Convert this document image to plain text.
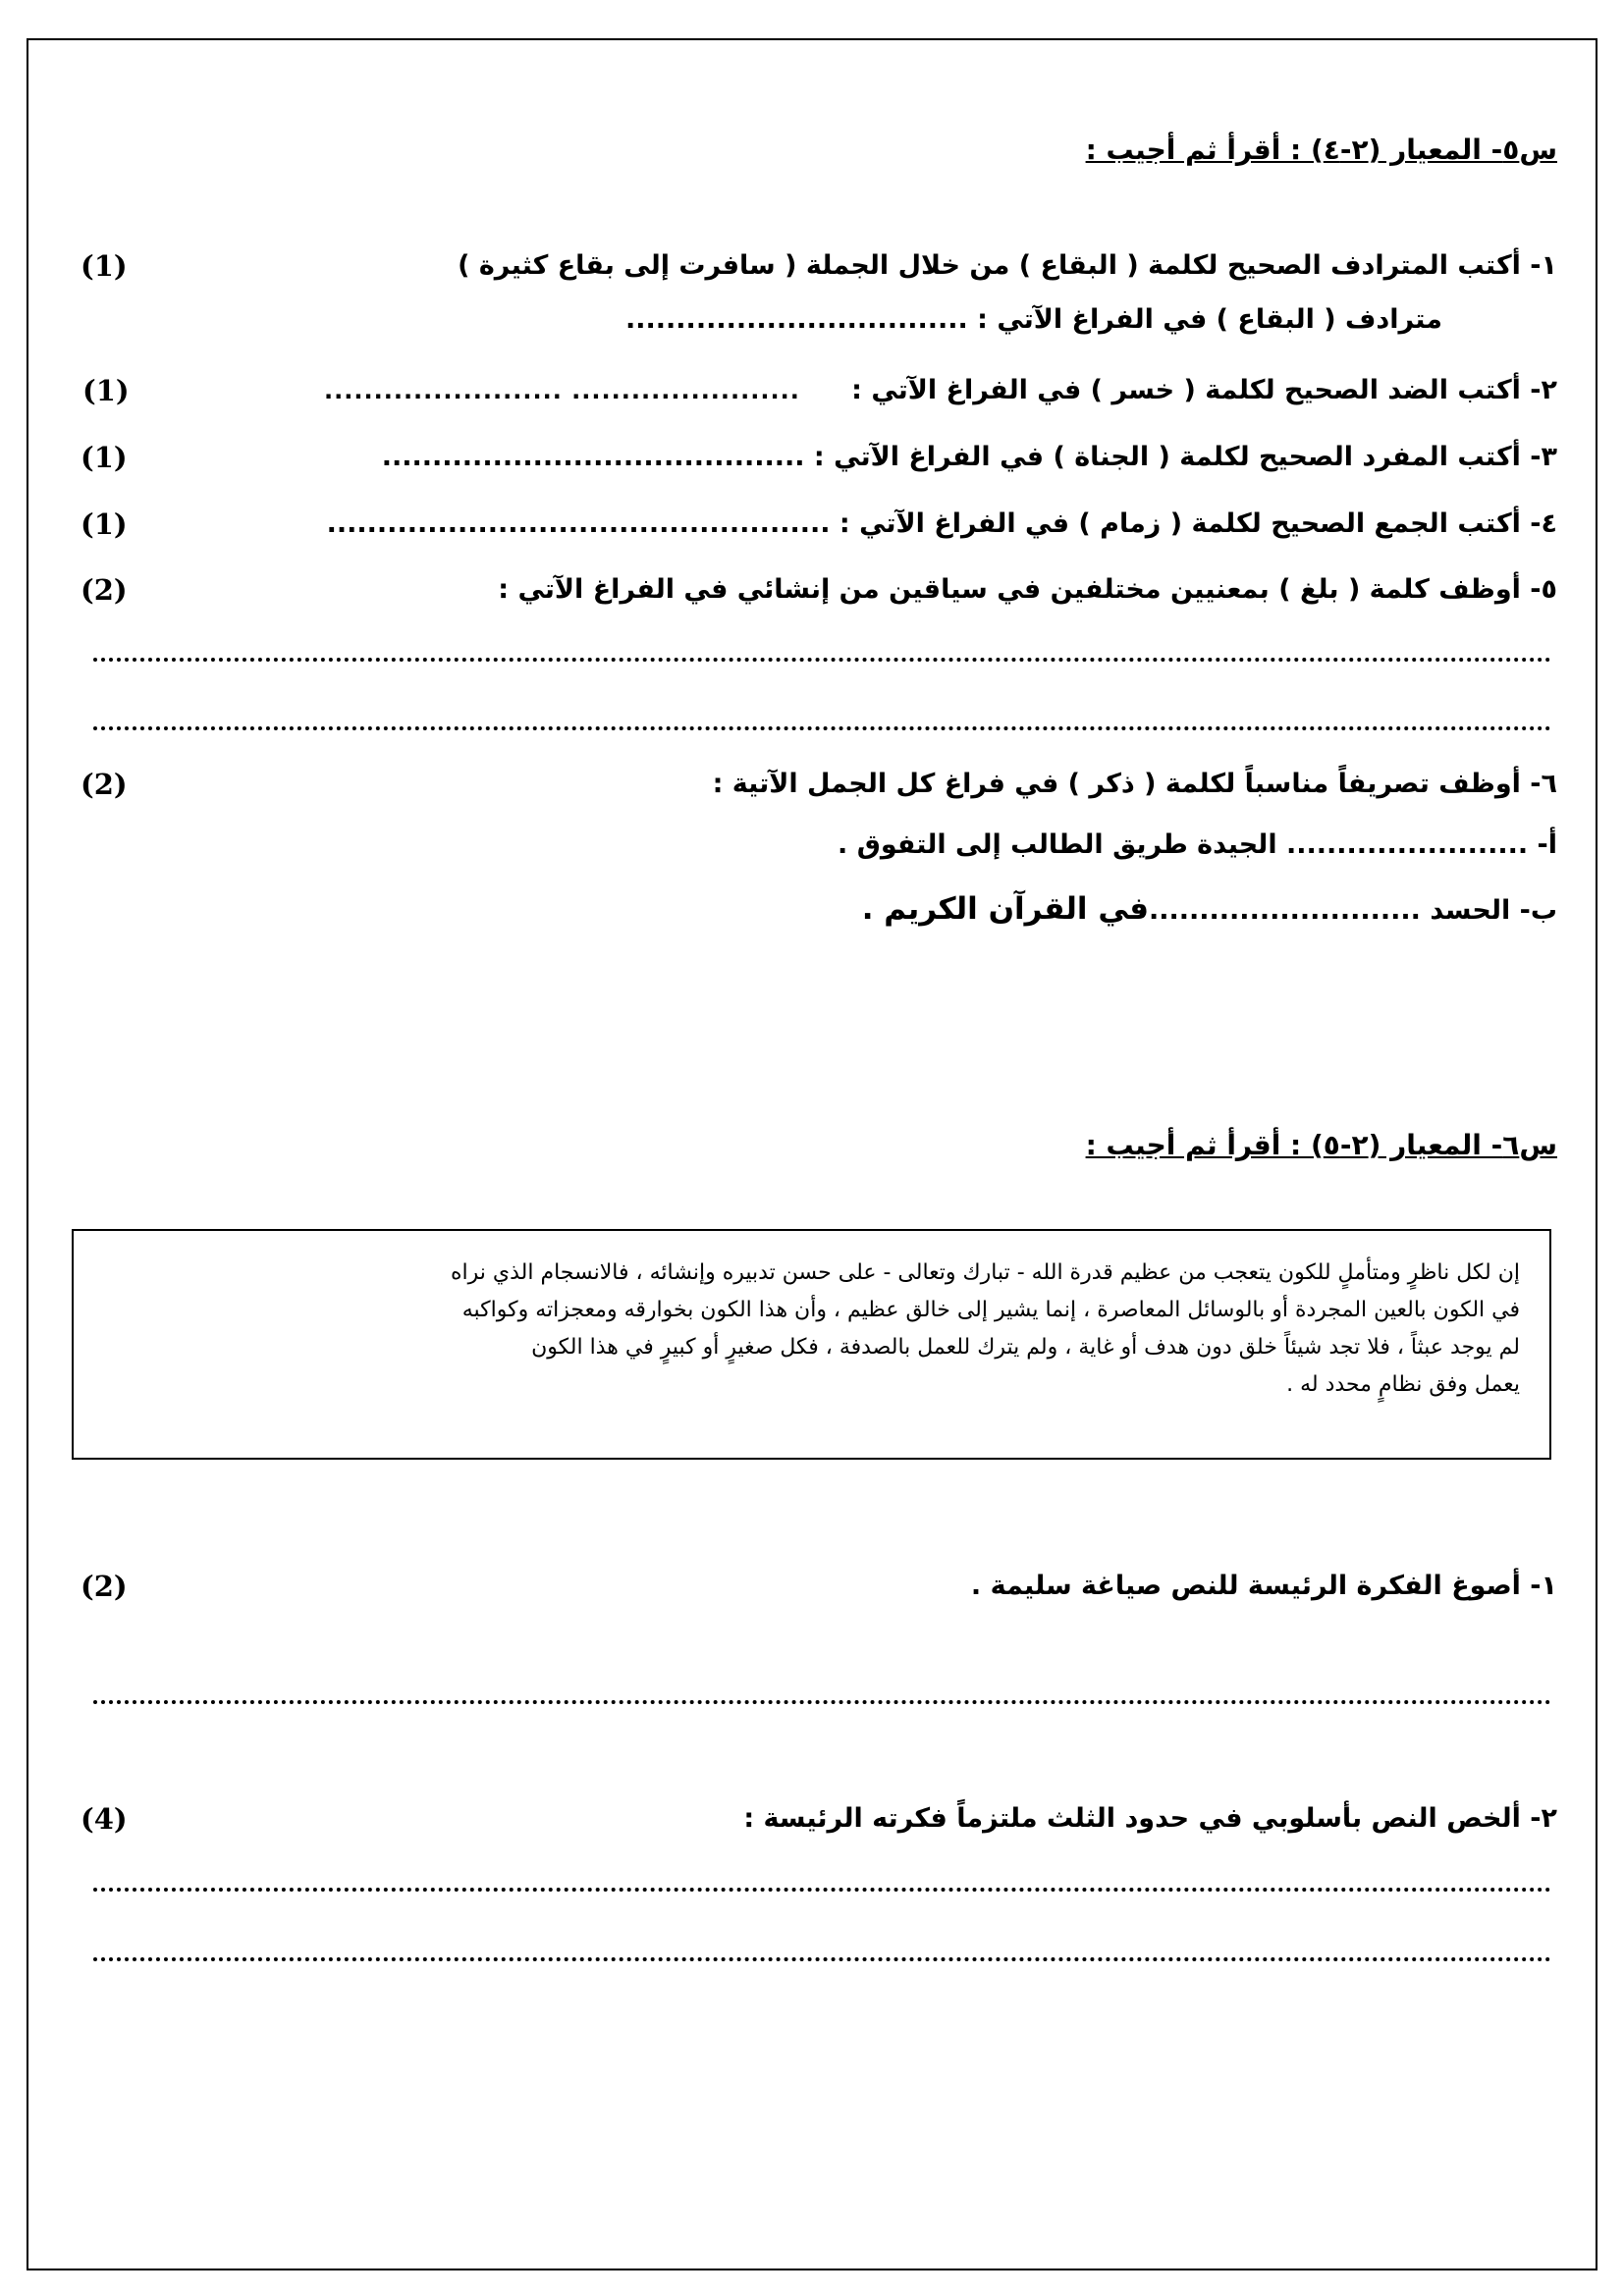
س٥- المعيار (٢-٤) : أقرأ ثم أجيب :
١- أكتب المترادف الصحيح لكلمة ( البقاع ) من خلال الجملة ( سافرت إلى بقاع كثيرة )
(1)
مترادف ( البقاع ) في الفراغ الآتي : ..................................
٢- أكتب الضد الصحيح لكلمة ( خسر ) في الفراغ الآتي :
........................ .......................
(1)
٣- أكتب المفرد الصحيح لكلمة ( الجناة ) في الفراغ الآتي : ..........................................
(1)
٤- أكتب الجمع الصحيح لكلمة ( زمام ) في الفراغ الآتي : ..................................................
(1)
٥- أوظف كلمة ( بلغ ) بمعنيين مختلفين في سياقين من إنشائي في الفراغ الآتي :
(2)
٦- أوظف تصريفاً مناسباً لكلمة ( ذكر ) في فراغ كل الجمل الآتية :
(2)
أ- ........................ الجيدة طريق الطالب إلى التفوق .
ب- الحسد ...........................في القرآن الكريم .
س٦- المعيار (٢-٥) : أقرأ ثم أجيب :

إن لكل ناظرٍ ومتأملٍ للكون يتعجب من عظيم قدرة الله - تبارك وتعالى - على حسن تدبيره وإنشائه ، فالانسجام الذي نراه

في الكون بالعين المجردة أو بالوسائل المعاصرة ، إنما يشير إلى خالق عظيم ، وأن هذا الكون بخوارقه ومعجزاته وكواكبه

لم يوجد عبثاً ، فلا تجد شيئاً خلق دون هدف أو غاية ، ولم يترك للعمل بالصدفة ، فكل صغيرٍ أو كبيرٍ في هذا الكون

يعمل وفق نظامٍ محدد له .

١- أصوغ الفكرة الرئيسة للنص صياغة سليمة .
(2)
٢- ألخص النص بأسلوبي في حدود الثلث ملتزماً فكرته الرئيسة :
(4)
